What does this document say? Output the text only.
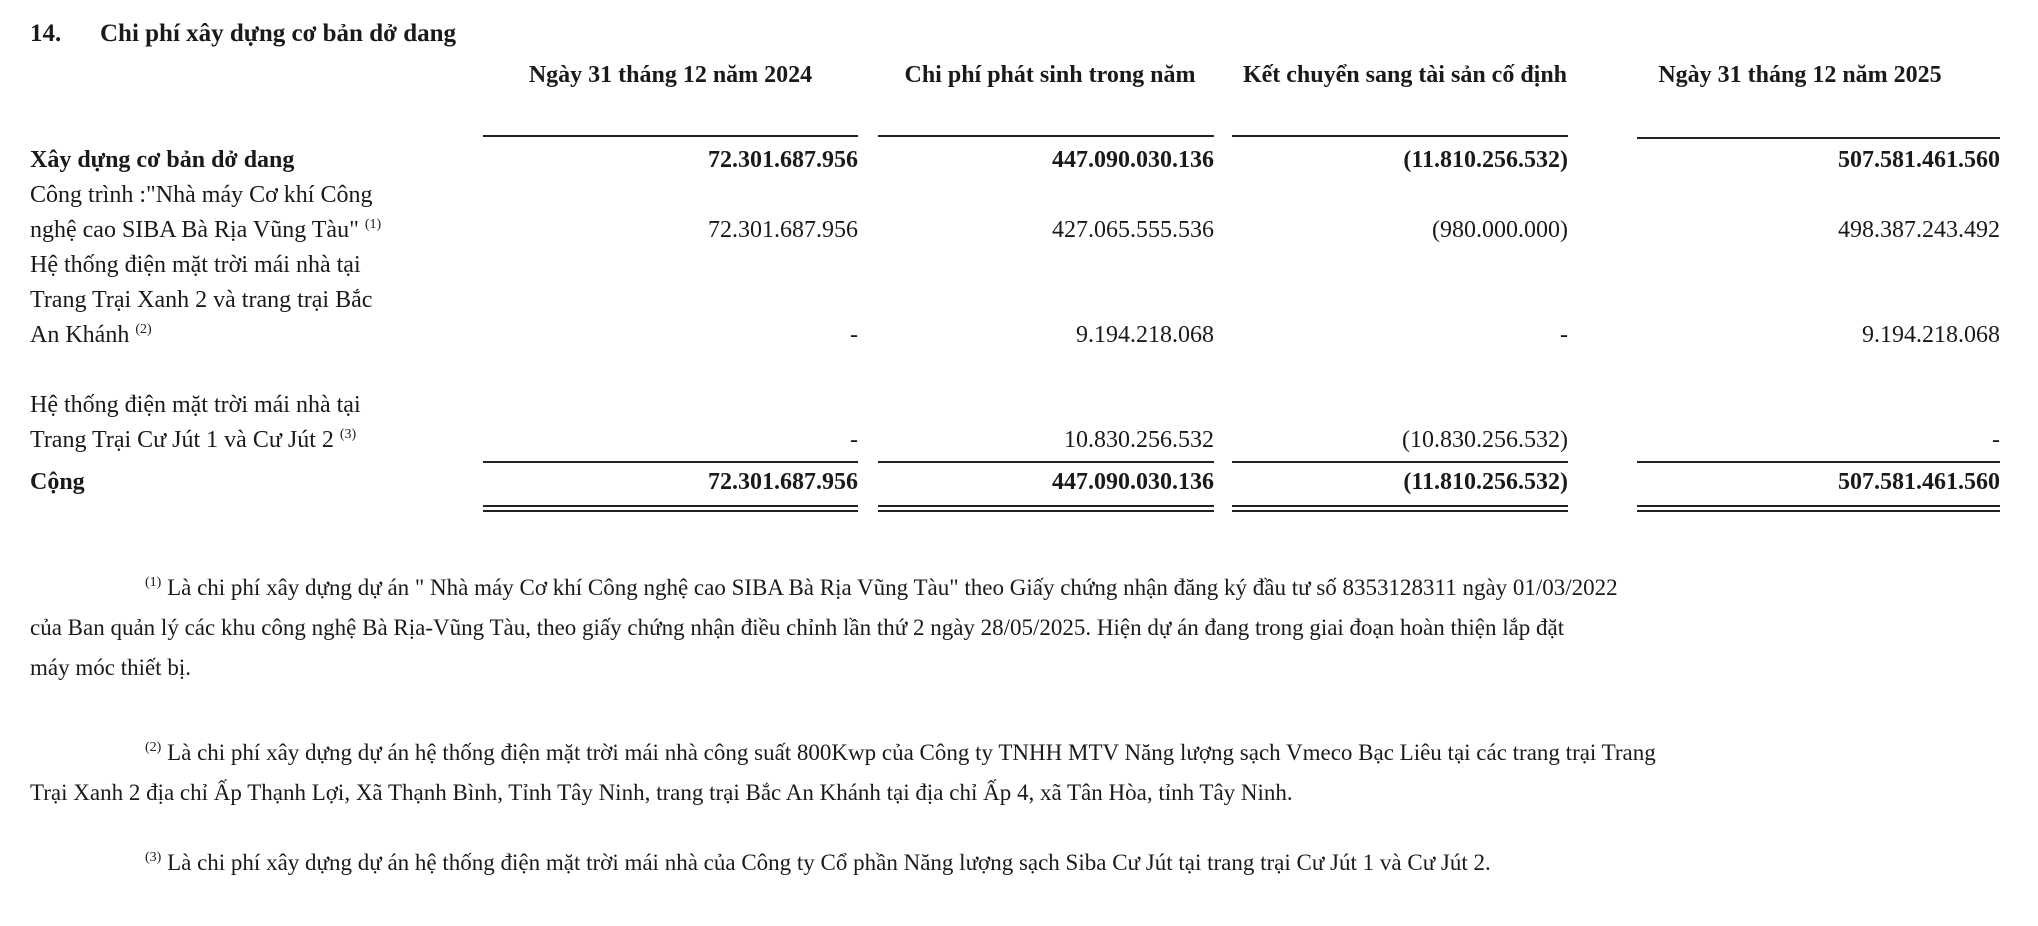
14. Chi phí xây dựng cơ bản dở dang
Ngày 31 tháng 12 năm 2024	Chi phí phát sinh trong năm	Kết chuyển sang tài sản cố định	Ngày 31 tháng 12 năm 2025
Xây dựng cơ bản dở dang	72.301.687.956	447.090.030.136	(11.810.256.532)	507.581.461.560
Công trình :"Nhà máy Cơ khí Công
nghệ cao SIBA Bà Rịa Vũng Tàu" $^{(1)}$	72.301.687.956	427.065.555.536	(980.000.000)	498.387.243.492
Hệ thống điện mặt trời mái nhà tại
Trang Trại Xanh 2 và trang trại Bắc
An Khánh $^{(2)}$	-	9.194.218.068	-	9.194.218.068
Hệ thống điện mặt trời mái nhà tại
Trang Trại Cư Jút 1 và Cư Jút 2 $^{(3)}$	-	10.830.256.532	(10.830.256.532)	-
Cộng	72.301.687.956	447.090.030.136	(11.810.256.532)	507.581.461.560
$^{(1)}$ Là chi phí xây dựng dự án " Nhà máy Cơ khí Công nghệ cao SIBA Bà Rịa Vũng Tàu" theo Giấy chứng nhận đăng ký đầu tư số 8353128311 ngày 01/03/2022
của Ban quản lý các khu công nghệ Bà Rịa-Vũng Tàu, theo giấy chứng nhận điều chỉnh lần thứ 2 ngày 28/05/2025. Hiện dự án đang trong giai đoạn hoàn thiện lắp đặt
máy móc thiết bị.
$^{(2)}$ Là chi phí xây dựng dự án hệ thống điện mặt trời mái nhà công suất 800Kwp của Công ty TNHH MTV Năng lượng sạch Vmeco Bạc Liêu tại các trang trại Trang
Trại Xanh 2 địa chỉ Ấp Thạnh Lợi, Xã Thạnh Bình, Tỉnh Tây Ninh, trang trại Bắc An Khánh tại địa chỉ Ấp 4, xã Tân Hòa, tỉnh Tây Ninh.
$^{(3)}$ Là chi phí xây dựng dự án hệ thống điện mặt trời mái nhà của Công ty Cổ phần Năng lượng sạch Siba Cư Jút tại trang trại Cư Jút 1 và Cư Jút 2.
